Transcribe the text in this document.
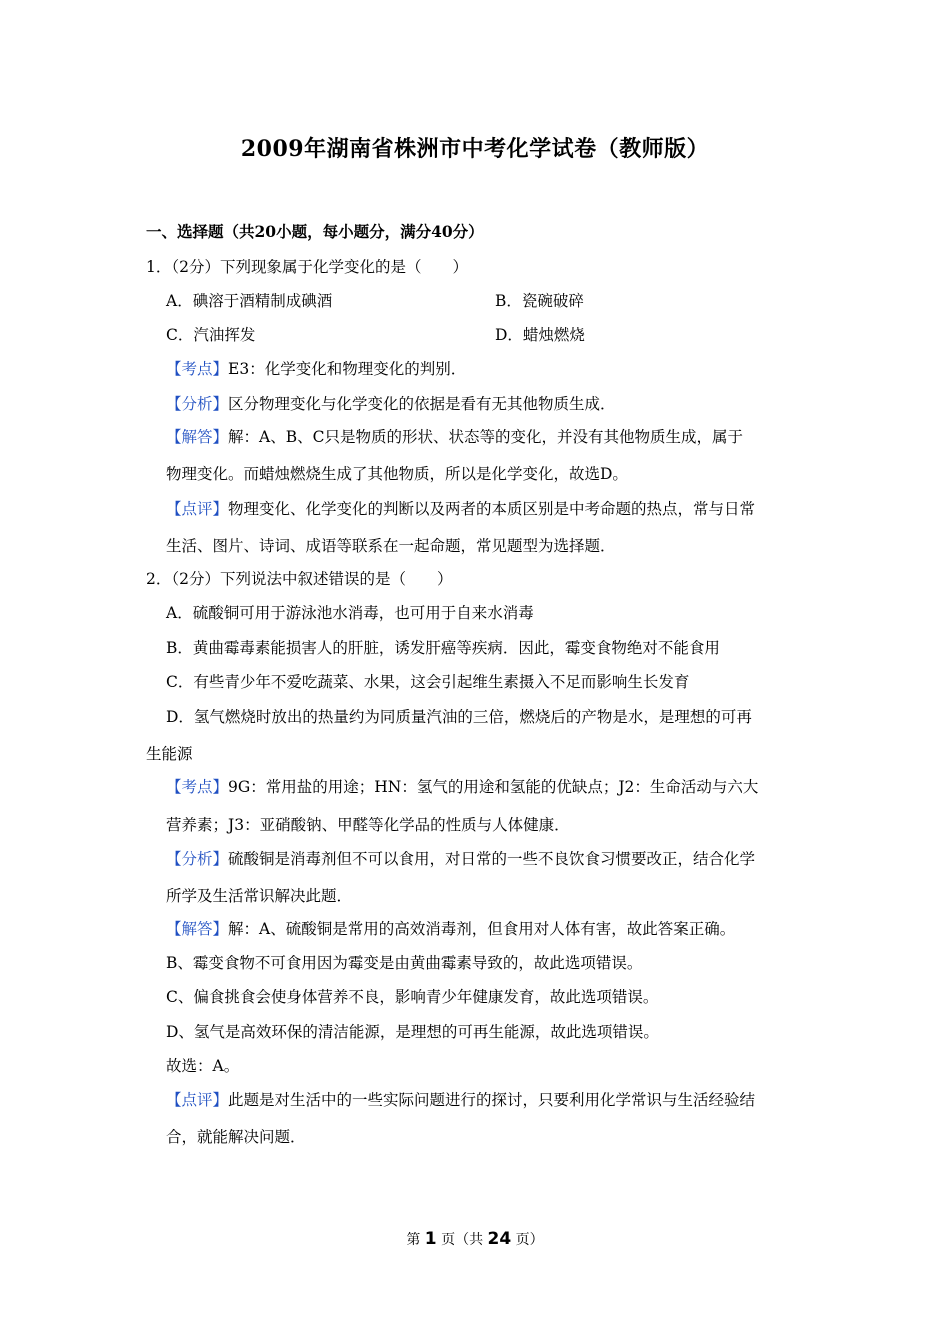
2009年湖南省株洲市中考化学试卷（教师版）
一、选择题（共20小题，每小题分，满分40分）
1．（2分）下列现象属于化学变化的是（　　）
A．碘溶于酒精制成碘酒	B．瓷碗破碎
C．汽油挥发	D．蜡烛燃烧
【考点】E3：化学变化和物理变化的判别．
【分析】区分物理变化与化学变化的依据是看有无其他物质生成．
【解答】解：A、B、C只是物质的形状、状态等的变化，并没有其他物质生成，属于
物理变化。而蜡烛燃烧生成了其他物质，所以是化学变化，故选D。
【点评】物理变化、化学变化的判断以及两者的本质区别是中考命题的热点，常与日常
生活、图片、诗词、成语等联系在一起命题，常见题型为选择题．
2．（2分）下列说法中叙述错误的是（　　）
A．硫酸铜可用于游泳池水消毒，也可用于自来水消毒
B．黄曲霉毒素能损害人的肝脏，诱发肝癌等疾病．因此，霉变食物绝对不能食用
C．有些青少年不爱吃蔬菜、水果，这会引起维生素摄入不足而影响生长发育
D．氢气燃烧时放出的热量约为同质量汽油的三倍，燃烧后的产物是水，是理想的可再
生能源
【考点】9G：常用盐的用途；HN：氢气的用途和氢能的优缺点；J2：生命活动与六大
营养素；J3：亚硝酸钠、甲醛等化学品的性质与人体健康．
【分析】硫酸铜是消毒剂但不可以食用，对日常的一些不良饮食习惯要改正，结合化学
所学及生活常识解决此题．
【解答】解：A、硫酸铜是常用的高效消毒剂，但食用对人体有害，故此答案正确。
B、霉变食物不可食用因为霉变是由黄曲霉素导致的，故此选项错误。
C、偏食挑食会使身体营养不良，影响青少年健康发育，故此选项错误。
D、氢气是高效环保的清洁能源，是理想的可再生能源，故此选项错误。
故选：A。
【点评】此题是对生活中的一些实际问题进行的探讨，只要利用化学常识与生活经验结
合，就能解决问题．
第 1 页（共 24 页）
